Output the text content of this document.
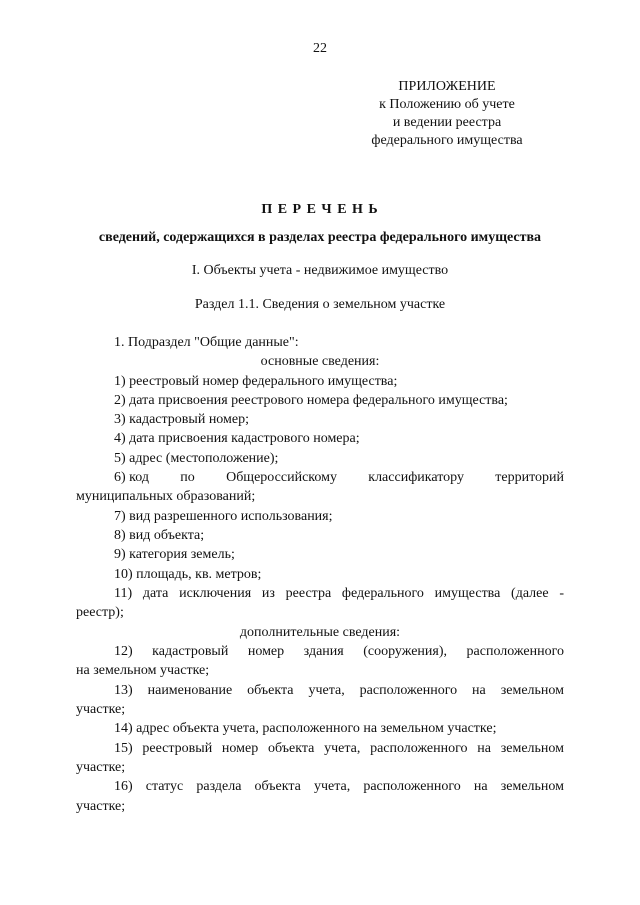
22
ПРИЛОЖЕНИЕ
к Положению об учете
и ведении реестра
федерального имущества
П Е Р Е Ч Е Н Ь
сведений, содержащихся в разделах реестра федерального имущества
I. Объекты учета - недвижимое имущество
Раздел 1.1. Сведения о земельном участке
1. Подраздел "Общие данные":
основные сведения:
1) реестровый номер федерального имущества;
2) дата присвоения реестрового номера федерального имущества;
3) кадастровый номер;
4) дата присвоения кадастрового номера;
5) адрес (местоположение);
6) код по Общероссийскому классификатору территорий
муниципальных образований;
7) вид разрешенного использования;
8) вид объекта;
9) категория земель;
10) площадь, кв. метров;
11) дата исключения из реестра федерального имущества (далее -
реестр);
дополнительные сведения:
12) кадастровый номер здания (сооружения), расположенного
на земельном участке;
13) наименование объекта учета, расположенного на земельном
участке;
14) адрес объекта учета, расположенного на земельном участке;
15) реестровый номер объекта учета, расположенного на земельном
участке;
16) статус раздела объекта учета, расположенного на земельном
участке;
